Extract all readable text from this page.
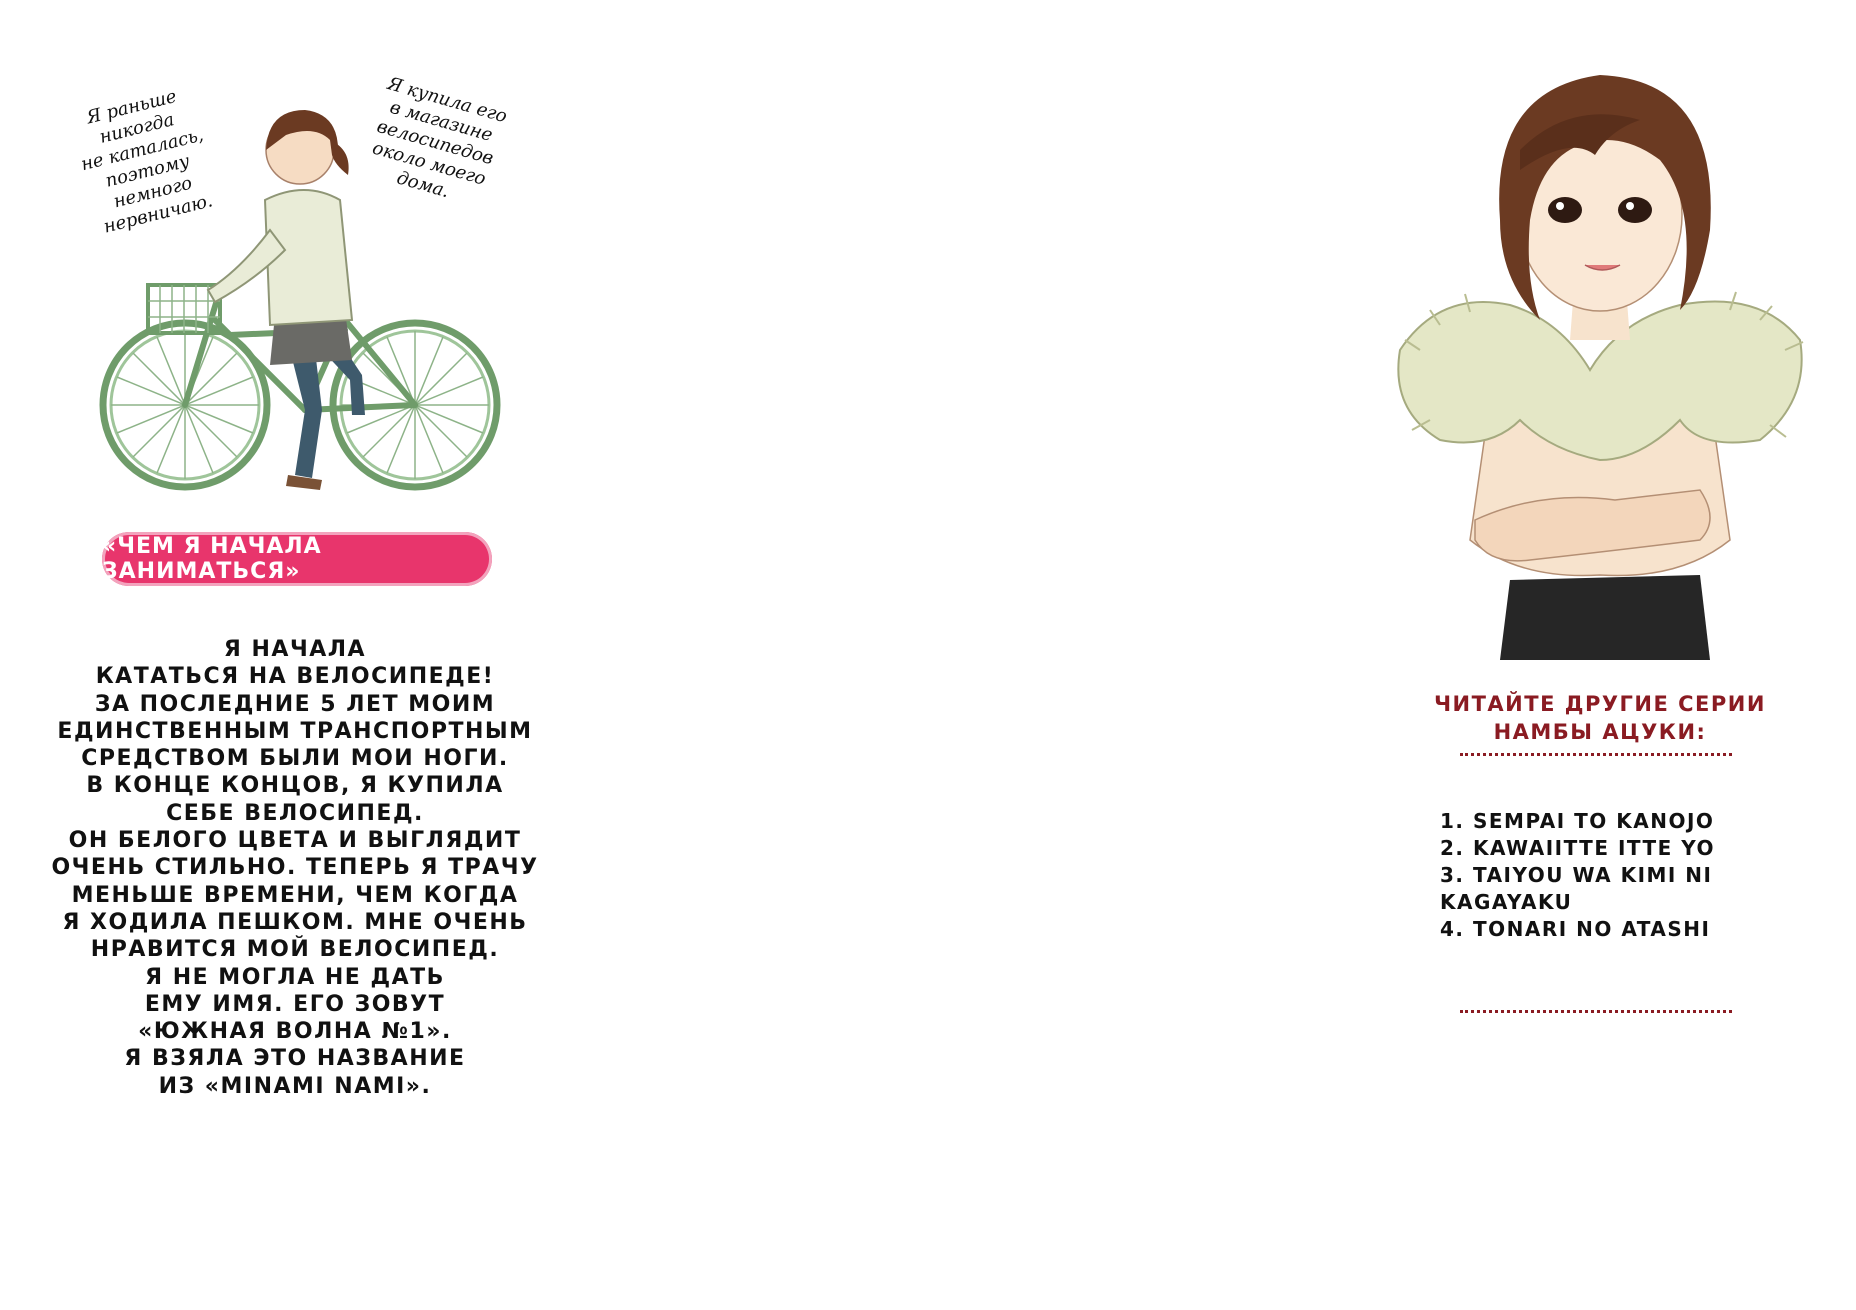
Я раньше
никогда
не каталась,
поэтому
немного
нервничаю.
Я купила его
в магазине
велосипедов
около моего
дома.
«ЧЕМ Я НАЧАЛА ЗАНИМАТЬСЯ»
Я НАЧАЛА
КАТАТЬСЯ НА ВЕЛОСИПЕДЕ!
ЗА ПОСЛЕДНИЕ 5 ЛЕТ МОИМ
ЕДИНСТВЕННЫМ ТРАНСПОРТНЫМ
СРЕДСТВОМ БЫЛИ МОИ НОГИ.
В КОНЦЕ КОНЦОВ, Я КУПИЛА
СЕБЕ ВЕЛОСИПЕД.
ОН БЕЛОГО ЦВЕТА И ВЫГЛЯДИТ
ОЧЕНЬ СТИЛЬНО. ТЕПЕРЬ Я ТРАЧУ
МЕНЬШЕ ВРЕМЕНИ, ЧЕМ КОГДА
Я ХОДИЛА ПЕШКОМ. МНЕ ОЧЕНЬ
НРАВИТСЯ МОЙ ВЕЛОСИПЕД.
Я НЕ МОГЛА НЕ ДАТЬ
ЕМУ ИМЯ. ЕГО ЗОВУТ
«ЮЖНАЯ ВОЛНА №1».
Я ВЗЯЛА ЭТО НАЗВАНИЕ
ИЗ «MINAMI NAMI».
ЧИТАЙТЕ ДРУГИЕ СЕРИИ
НАМБЫ АЦУКИ:
1. SEMPAI TO KANOJO
2. KAWAIITTE ITTE YO
3. TAIYOU WA KIMI NI
KAGAYAKU
4. TONARI NO ATASHI
